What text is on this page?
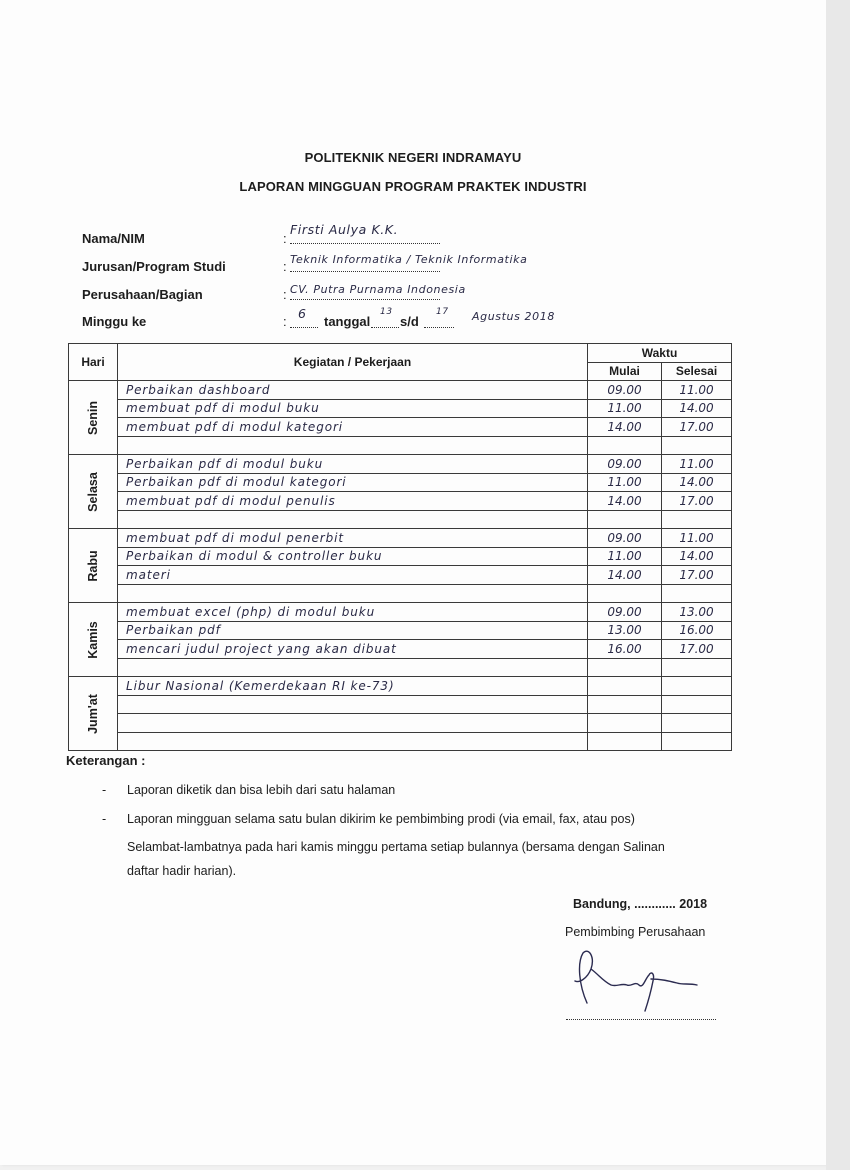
POLITEKNIK NEGERI INDRAMAYU
LAPORAN MINGGUAN PROGRAM PRAKTEK INDUSTRI
Nama/NIM	:
Firsti Aulya K.K.
Jurusan/Program Studi	: Teknik Informatika / Teknik Informatika
Perusahaan/Bagian	: CV. Putra Purnama Indonesia
Minggu ke	:
6
tanggal
13
s/d
17 Agustus 2018
Hari	Kegiatan / Pekerjaan	Waktu	
		Mulai	Selesai

Senin	Perbaikan dashboard	09.00	11.00
	membuat pdf di modul buku	11.00	14.00
	membuat pdf di modul kategori	14.00	17.00

Selasa	Perbaikan pdf di modul buku	09.00	11.00
	Perbaikan pdf di modul kategori	11.00	14.00
	membuat pdf di modul penulis	14.00	17.00

Rabu	membuat pdf di modul penerbit	09.00	11.00
	Perbaikan di modul & controller buku	11.00	14.00
	materi	14.00	17.00

Kamis	membuat excel (php) di modul buku	09.00	13.00
	Perbaikan pdf	13.00	16.00
	mencari judul project yang akan dibuat	16.00	17.00

Jum'at	Libur Nasional (Kemerdekaan RI ke-73)		

Keterangan :
- Laporan diketik dan bisa lebih dari satu halaman
- Laporan mingguan selama satu bulan dikirim ke pembimbing prodi (via email, fax, atau pos)
Selambat-lambatnya pada hari kamis minggu pertama setiap bulannya (bersama dengan Salinan
daftar hadir harian).
Bandung, ............ 2018
Pembimbing Perusahaan
